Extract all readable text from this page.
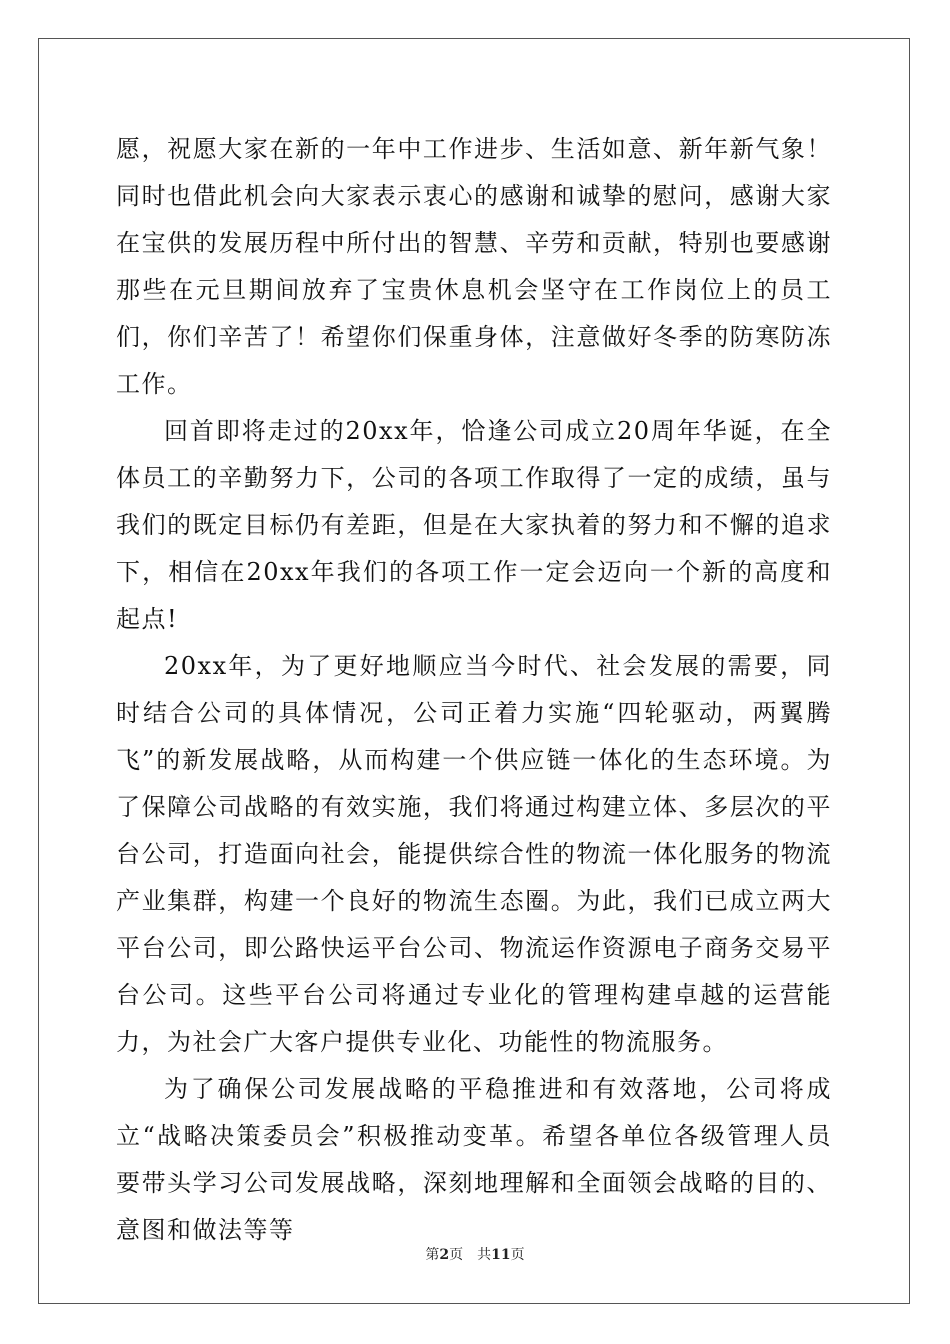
愿，祝愿大家在新的一年中工作进步、生活如意、新年新气象！同时也借此机会向大家表示衷心的感谢和诚挚的慰问，感谢大家在宝供的发展历程中所付出的智慧、辛劳和贡献，特别也要感谢那些在元旦期间放弃了宝贵休息机会坚守在工作岗位上的员工们，你们辛苦了！希望你们保重身体，注意做好冬季的防寒防冻工作。

回首即将走过的20xx年，恰逢公司成立20周年华诞，在全体员工的辛勤努力下，公司的各项工作取得了一定的成绩，虽与我们的既定目标仍有差距，但是在大家执着的努力和不懈的追求下，相信在20xx年我们的各项工作一定会迈向一个新的高度和起点!

20xx年，为了更好地顺应当今时代、社会发展的需要，同时结合公司的具体情况，公司正着力实施“四轮驱动，两翼腾飞”的新发展战略，从而构建一个供应链一体化的生态环境。为了保障公司战略的有效实施，我们将通过构建立体、多层次的平台公司，打造面向社会，能提供综合性的物流一体化服务的物流产业集群，构建一个良好的物流生态圈。为此，我们已成立两大平台公司，即公路快运平台公司、物流运作资源电子商务交易平台公司。这些平台公司将通过专业化的管理构建卓越的运营能力，为社会广大客户提供专业化、功能性的物流服务。

为了确保公司发展战略的平稳推进和有效落地，公司将成立“战略决策委员会”积极推动变革。希望各单位各级管理人员要带头学习公司发展战略，深刻地理解和全面领会战略的目的、意图和做法等等

第2页 共11页
